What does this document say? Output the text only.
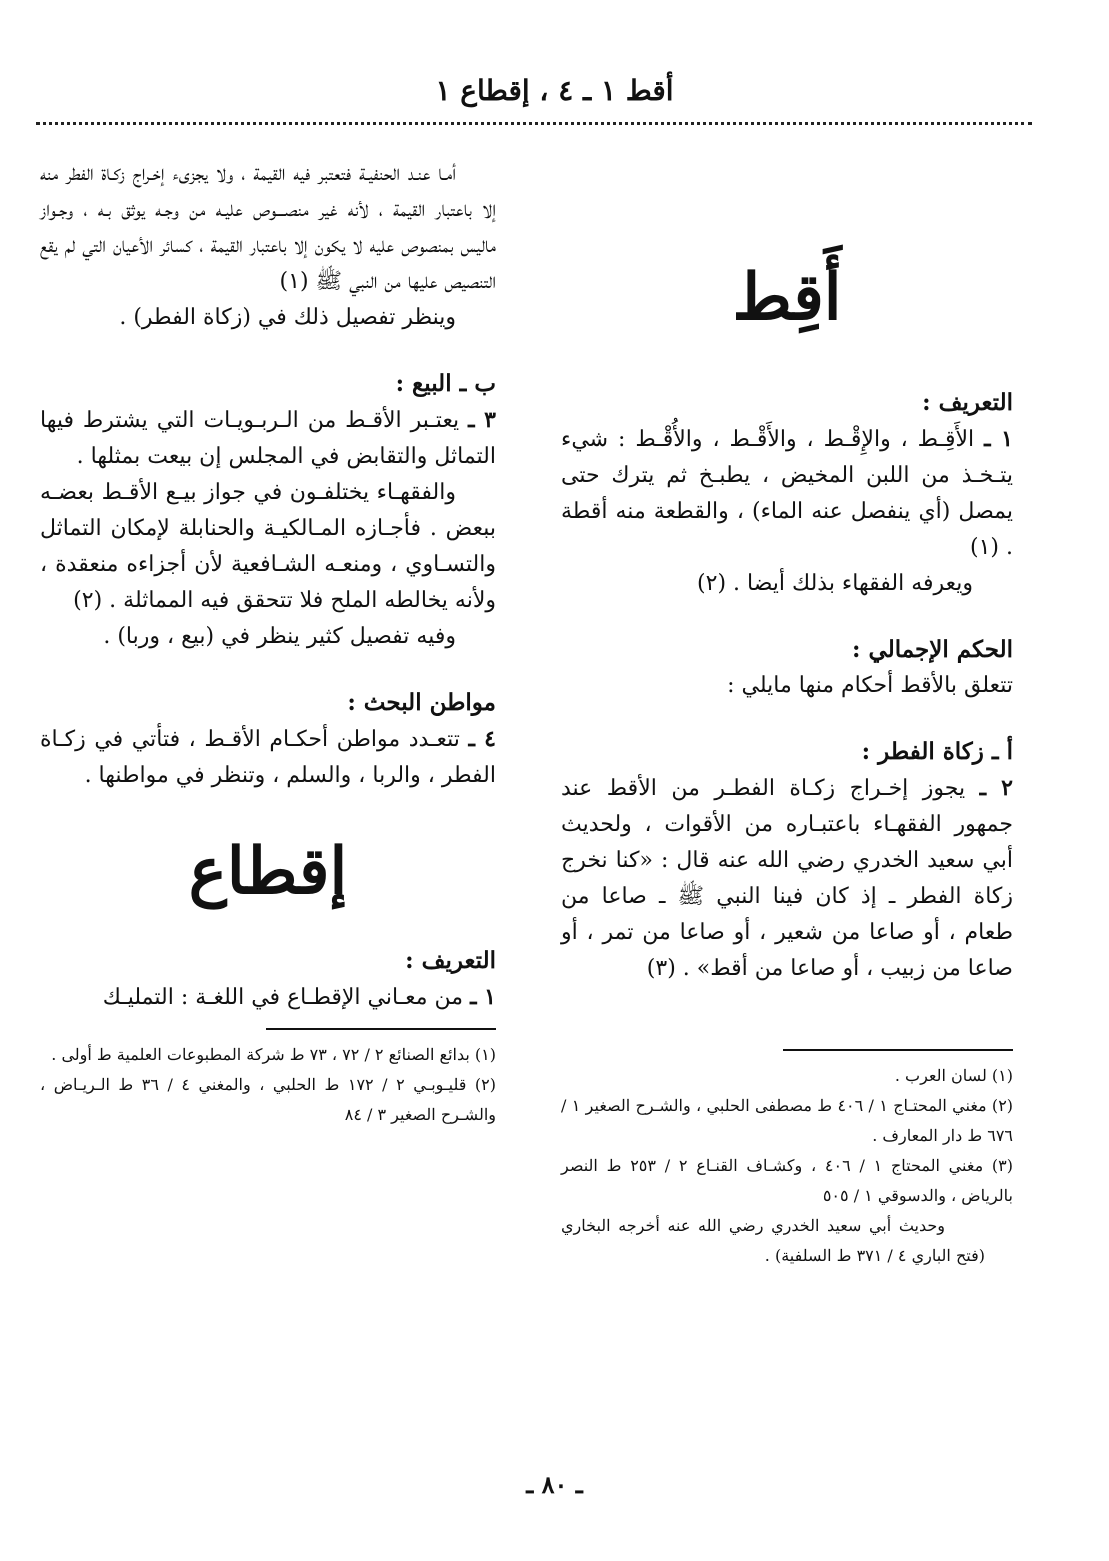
أقط ١ ـ ٤ ، إقطاع ١
أَقِط
التعريف :

١ ـ الأَقِـط ، والإِقْـط ، والأَقْـط ، والأُقْـط : شيء يتـخـذ من اللبن المخيض ، يطبـخ ثم يترك حتى يمصل (أي ينفصل عنه الماء) ، والقطعة منه أقطة . (١)

ويعرفه الفقهاء بذلك أيضا . (٢)

الحكم الإجمالي :

تتعلق بالأقط أحكام منها مايلي :

أ ـ زكاة الفطر :

٢ ـ يجوز إخـراج زكـاة الفطـر من الأقط عند جمهور الفقهـاء باعتبـاره من الأقوات ، ولحديث أبي سعيد الخدري رضي الله عنه قال : «كنا نخرج زكاة الفطر ـ إذ كان فينا النبي ﷺ ـ صاعا من طعام ، أو صاعا من شعير ، أو صاعا من تمر ، أو صاعا من زبيب ، أو صاعا من أقط» . (٣)

(١) لسان العرب .

(٢) مغني المحتـاج ١ / ٤٠٦ ط مصطفى الحلبي ، والشـرح الصغير ١ / ٦٧٦ ط دار المعارف .

(٣) مغني المحتاج ١ / ٤٠٦ ، وكشـاف القنـاع ٢ / ٢٥٣ ط النصر بالرياض ، والدسوقي ١ / ٥٠٥

وحديث أبي سعيد الخدري رضي الله عنه أخرجه البخاري (فتح الباري ٤ / ٣٧١ ط السلفية) .

أمـا عنـد الحنفيـة فتعتبر فيه القيمة ، ولا يجزىء إخـراج زكـاة الفطر منه إلا باعتبار القيمة ، لأنه غير منصـــوص عليـه من وجـه يوثق بـه ، وجـواز ماليس بمنصوص عليه لا يكون إلا باعتبار القيمة ، كسائر الأعيان التي لم يقع التنصيص عليها من النبي ﷺ (١)

وينظر تفصيل ذلك في (زكاة الفطر) .

ب ـ البيع :

٣ ـ يعتـبر الأقـط من الـربـويـات التي يشترط فيها التماثل والتقابض في المجلس إن بيعت بمثلها .

والفقهـاء يختلفـون في جواز بيـع الأقـط بعضـه ببعض . فأجـازه المـالكيـة والحنابلة لإمكان التماثل والتسـاوي ، ومنعـه الشـافعية لأن أجزاءه منعقدة ، ولأنه يخالطه الملح فلا تتحقق فيه المماثلة . (٢)

وفيه تفصيل كثير ينظر في (بيع ، وربا) .

مواطن البحث :

٤ ـ تتعـدد مواطن أحكـام الأقـط ، فتأتي في زكـاة الفطر ، والربا ، والسلم ، وتنظر في مواطنها .

إقطاع
التعريف :

١ ـ من معـاني الإقطـاع في اللغـة : التمليـك

(١) بدائع الصنائع ٢ / ٧٢ ، ٧٣ ط شركة المطبوعات العلمية ط أولى .

(٢) قليـوبـي ٢ / ١٧٢ ط الحلبي ، والمغني ٤ / ٣٦ ط الـريـاض ، والشـرح الصغير ٣ / ٨٤

ـ ٨٠ ـ
